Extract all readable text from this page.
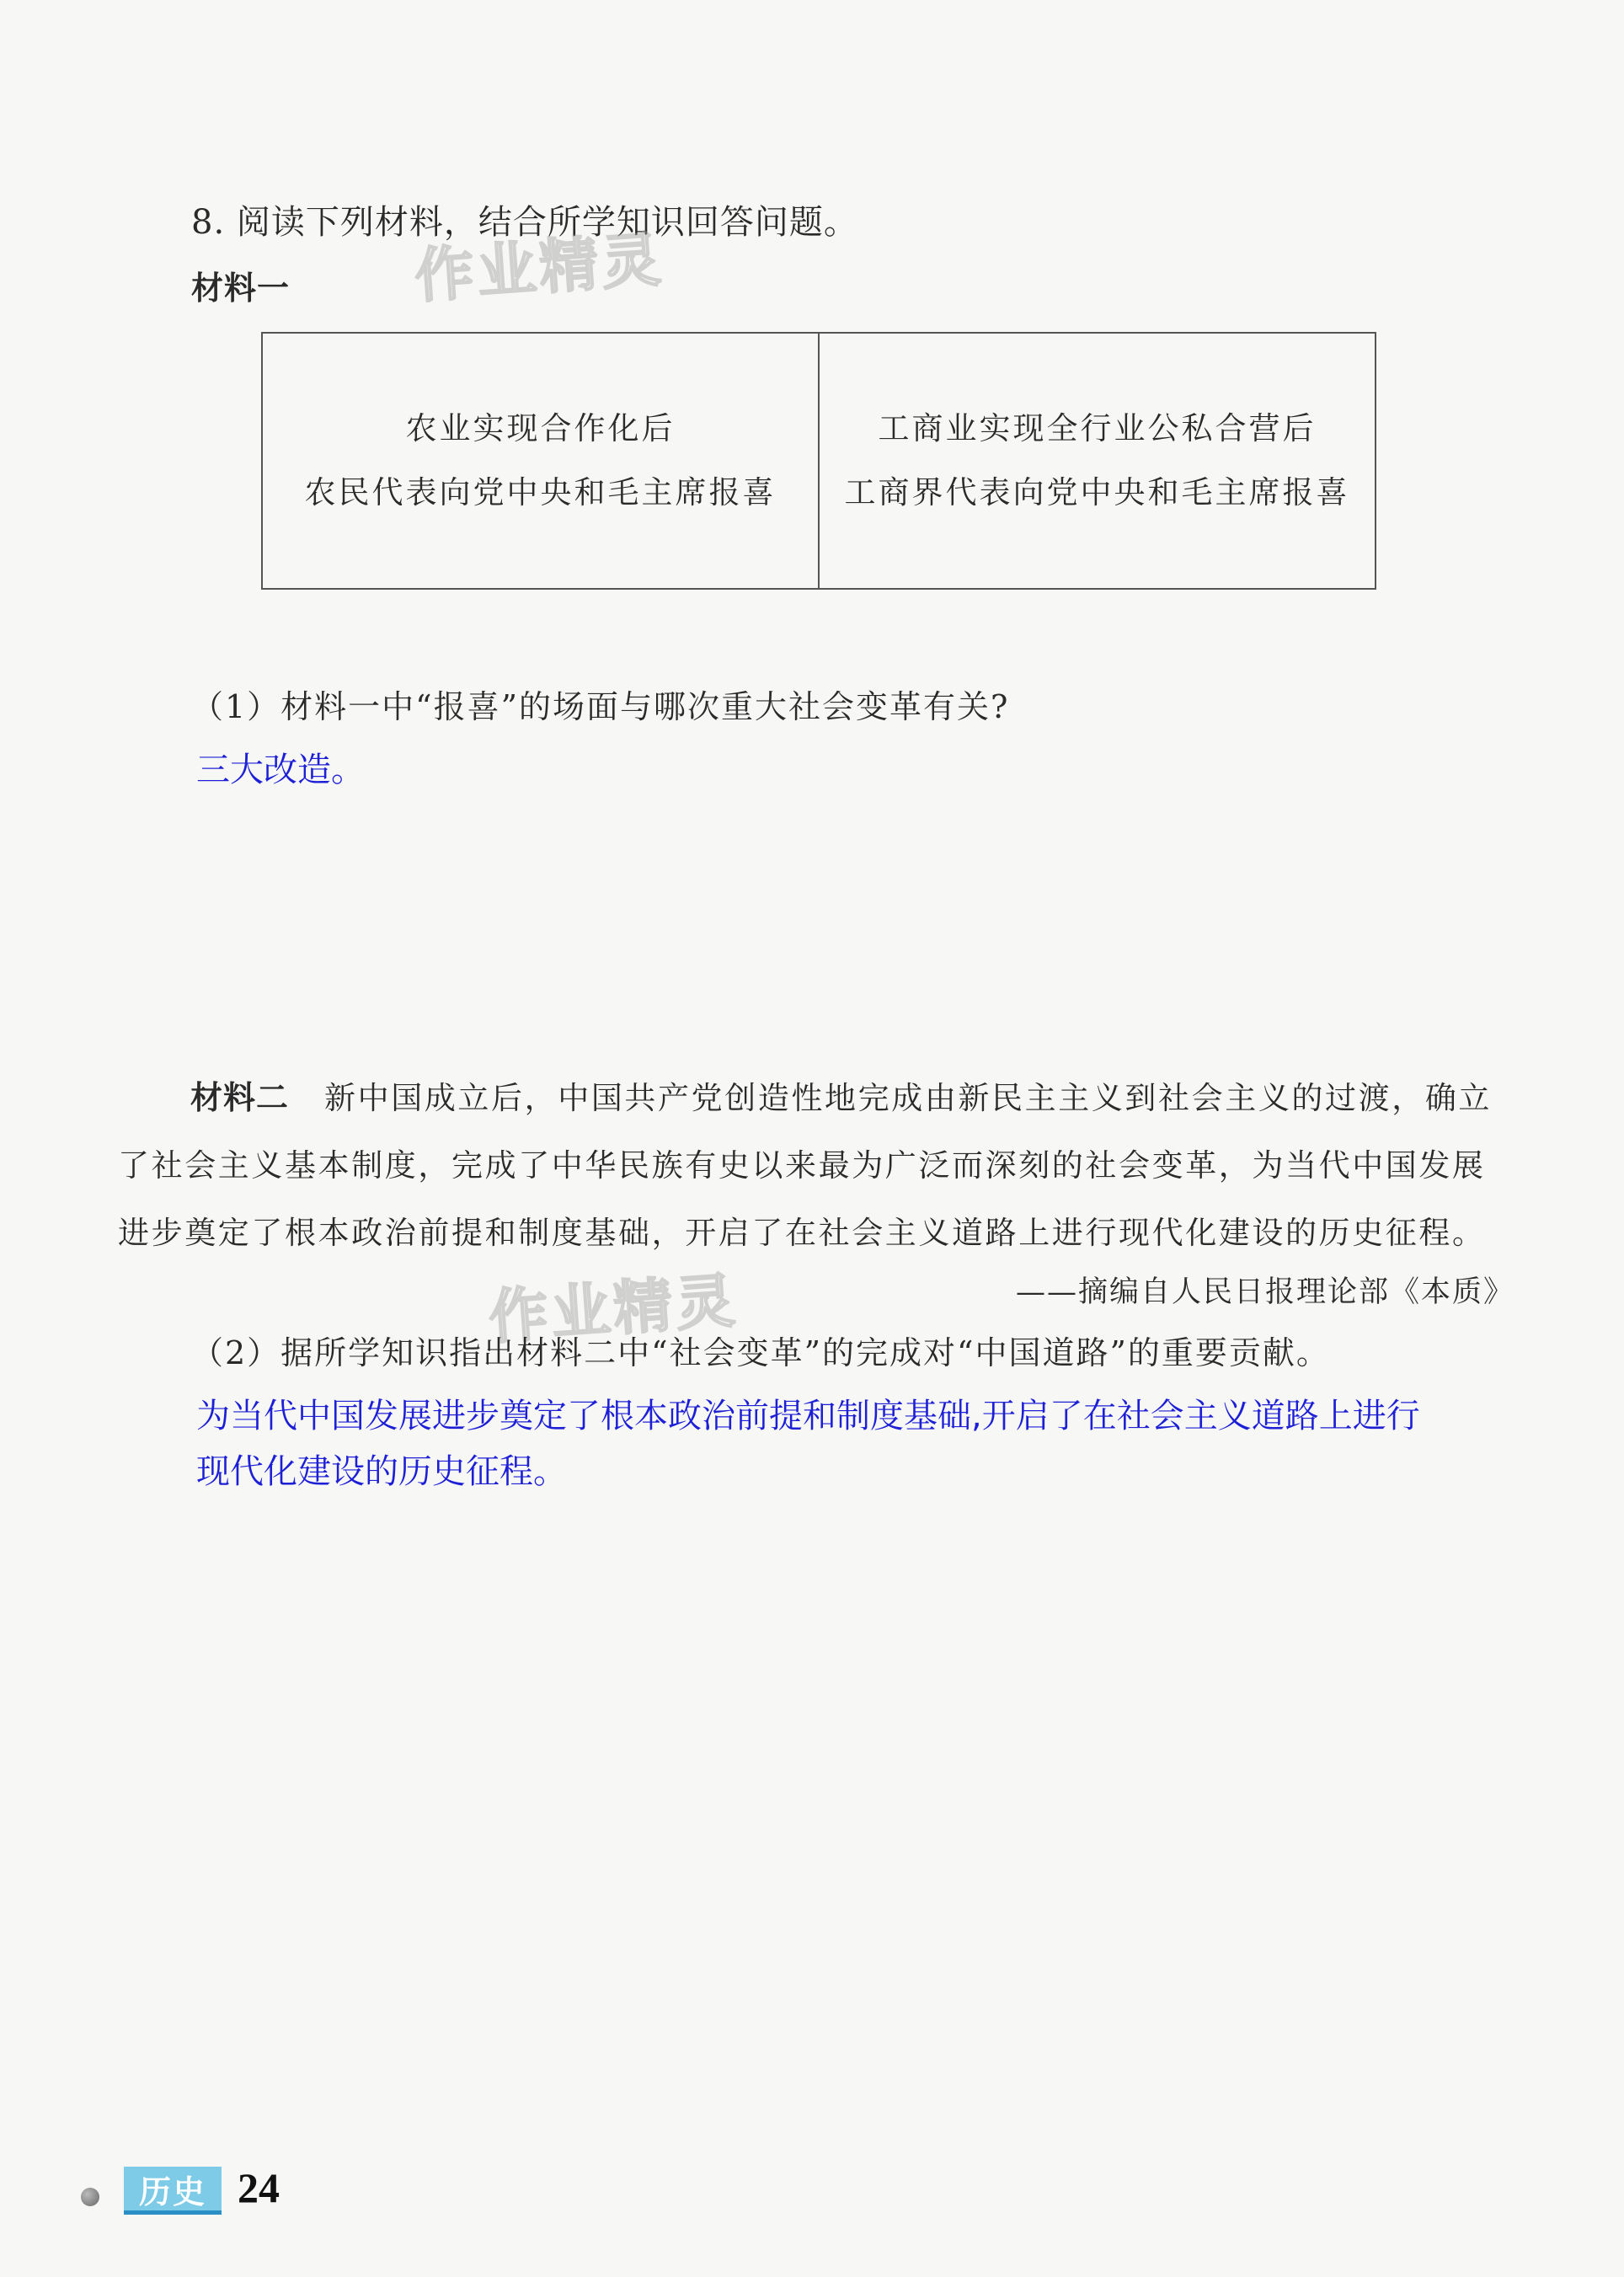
8. 阅读下列材料，结合所学知识回答问题。
材料一 作业精灵
农业实现合作化后
农民代表向党中央和毛主席报喜
工商业实现全行业公私合营后
工商界代表向党中央和毛主席报喜
（1）材料一中“报喜”的场面与哪次重大社会变革有关?
三大改造。
材料二 新中国成立后，中国共产党创造性地完成由新民主主义到社会主义的过渡，确立
了社会主义基本制度，完成了中华民族有史以来最为广泛而深刻的社会变革，为当代中国发展
进步奠定了根本政治前提和制度基础，开启了在社会主义道路上进行现代化建设的历史征程。
作业精灵	——摘编自人民日报理论部《本质》
（2）据所学知识指出材料二中“社会变革”的完成对“中国道路”的重要贡献。
为当代中国发展进步奠定了根本政治前提和制度基础,开启了在社会主义道路上进行
现代化建设的历史征程。
历史 24
